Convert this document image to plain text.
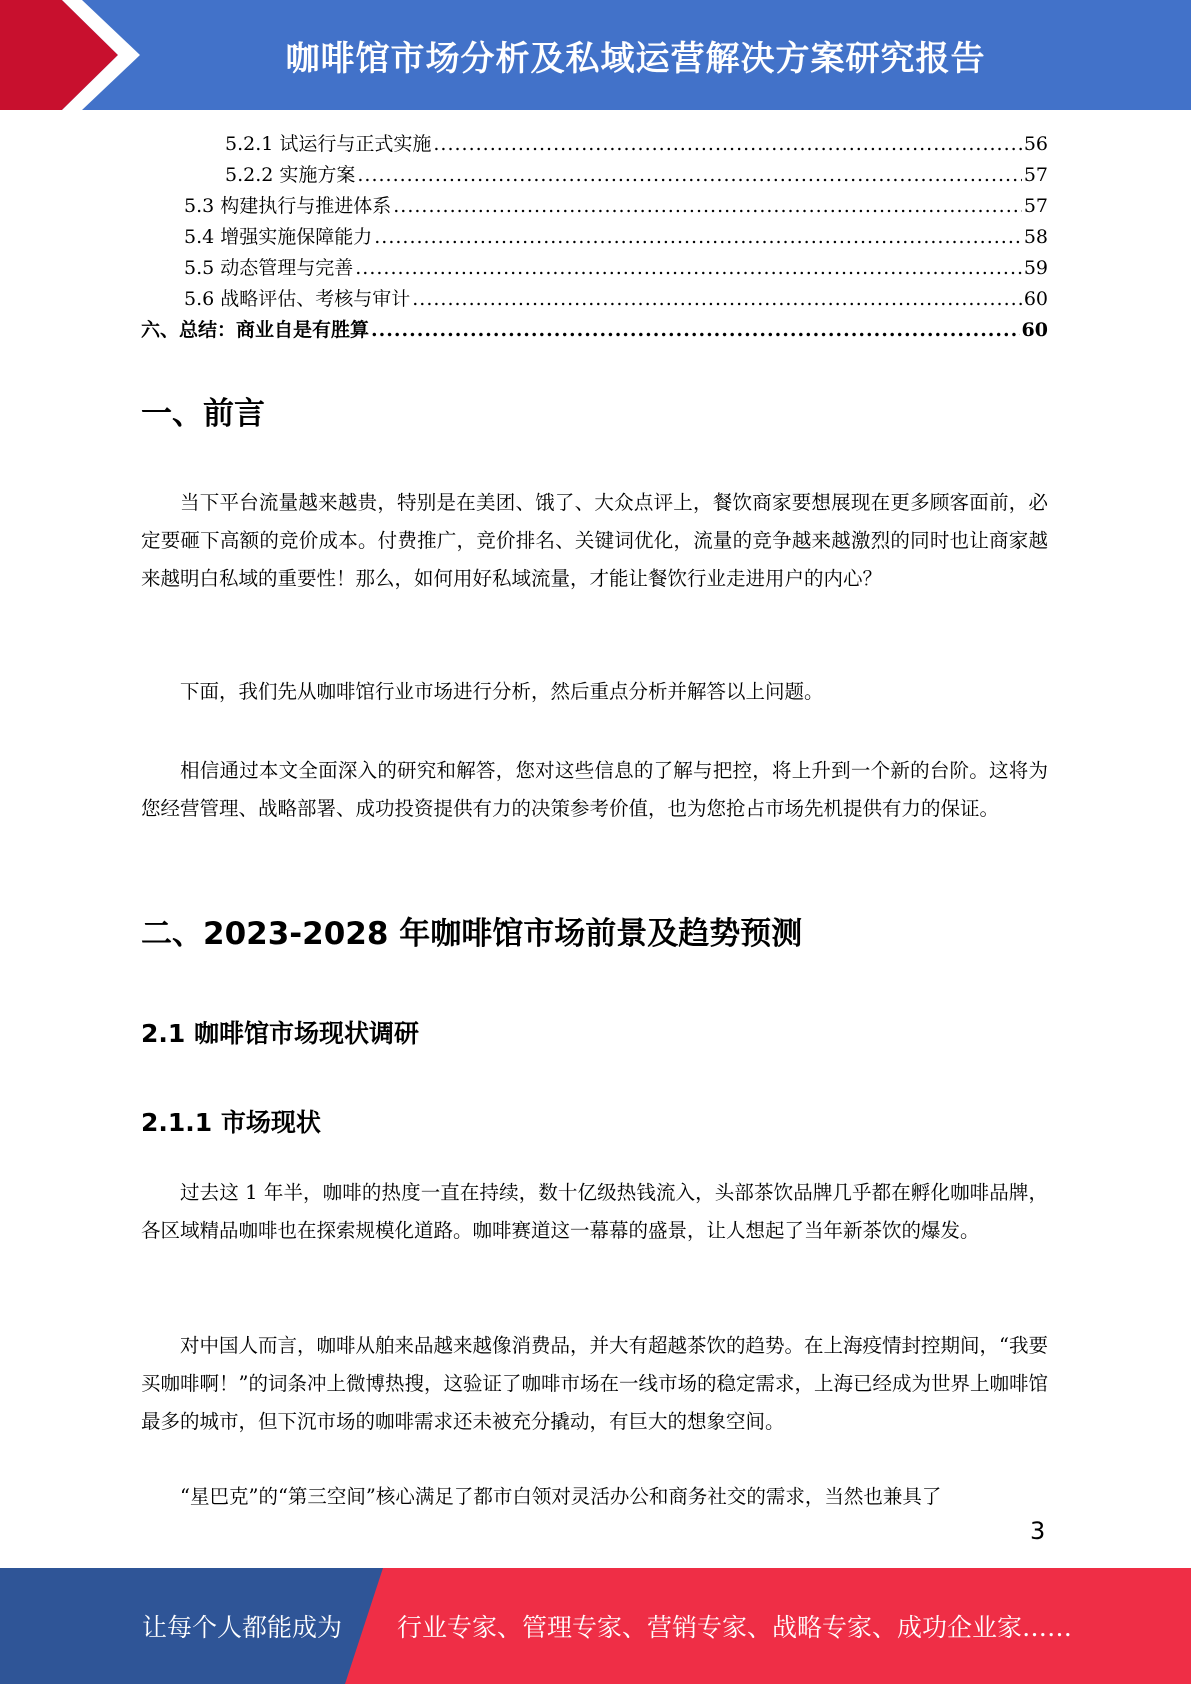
咖啡馆市场分析及私域运营解决方案研究报告
5.2.1 试运行与正式实施 .....	56
5.2.2 实施方案 .....	57
5.3 构建执行与推进体系 .....	57
5.4 增强实施保障能力 .....	58
5.5 动态管理与完善 .....	59
5.6 战略评估、考核与审计 .....	60
六、总结：商业自是有胜算 .....	60
一、前言

当下平台流量越来越贵，特别是在美团、饿了、大众点评上，餐饮商家要想展现在更多顾客面前，必定要砸下高额的竞价成本。付费推广，竞价排名、关键词优化，流量的竞争越来越激烈的同时也让商家越来越明白私域的重要性！那么，如何用好私域流量，才能让餐饮行业走进用户的内心？

下面，我们先从咖啡馆行业市场进行分析，然后重点分析并解答以上问题。

相信通过本文全面深入的研究和解答，您对这些信息的了解与把控，将上升到一个新的台阶。这将为您经营管理、战略部署、成功投资提供有力的决策参考价值，也为您抢占市场先机提供有力的保证。

二、2023-2028 年咖啡馆市场前景及趋势预测
2.1 咖啡馆市场现状调研
2.1.1 市场现状

过去这 1 年半，咖啡的热度一直在持续，数十亿级热钱流入，头部茶饮品牌几乎都在孵化咖啡品牌，各区域精品咖啡也在探索规模化道路。咖啡赛道这一幕幕的盛景，让人想起了当年新茶饮的爆发。

对中国人而言，咖啡从舶来品越来越像消费品，并大有超越茶饮的趋势。在上海疫情封控期间，“我要买咖啡啊！”的词条冲上微博热搜，这验证了咖啡市场在一线市场的稳定需求，上海已经成为世界上咖啡馆最多的城市，但下沉市场的咖啡需求还未被充分撬动，有巨大的想象空间。

“星巴克”的“第三空间”核心满足了都市白领对灵活办公和商务社交的需求，当然也兼具了

3
让每个人都能成为 行业专家、管理专家、营销专家、战略专家、成功企业家……
